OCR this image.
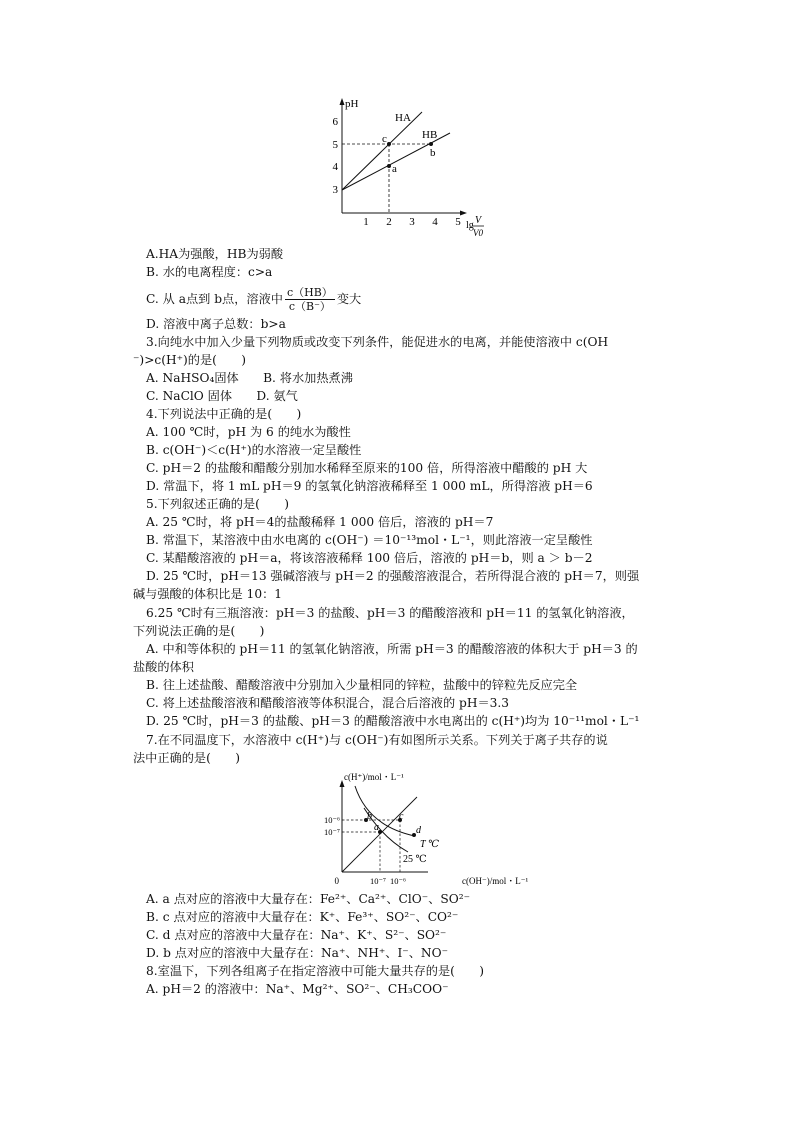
pH
3
4
5
6
1 2 3 4 5 lg V
V0
HA
HB
c
a
b
A.HA为强酸，HB为弱酸
B. 水的电离程度：c>a
C. 从 a点到 b点，溶液中 $\frac{c(HB)}{c(B^-)}$ 变大
D. 溶液中离子总数：b>a
3.向纯水中加入少量下列物质或改变下列条件，能促进水的电离，并能使溶液中 c(OH
⁻)>c(H⁺)的是(　　)
A. NaHSO₄固体　　B. 将水加热煮沸
C. NaClO 固体　　D. 氨气
4.下列说法中正确的是(　　)
A. 100 ℃时，pH 为 6 的纯水为酸性
B. c(OH⁻)＜c(H⁺)的水溶液一定呈酸性
C. pH＝2 的盐酸和醋酸分别加水稀释至原来的100 倍，所得溶液中醋酸的 pH 大
D. 常温下，将 1 mL pH＝9 的氢氧化钠溶液稀释至 1 000 mL，所得溶液 pH＝6
5.下列叙述正确的是(　　)
A. 25 ℃时，将 pH＝4的盐酸稀释 1 000 倍后，溶液的 pH＝7
B. 常温下，某溶液中由水电离的 c(OH⁻) ＝10⁻¹³mol・L⁻¹，则此溶液一定呈酸性
C. 某醋酸溶液的 pH＝a，将该溶液稀释 100 倍后，溶液的 pH＝b，则 a ＞ b－2
D. 25 ℃时，pH＝13 强碱溶液与 pH＝2 的强酸溶液混合，若所得混合液的 pH＝7，则强
碱与强酸的体积比是 10：1
6.25 ℃时有三瓶溶液：pH＝3 的盐酸、pH＝3 的醋酸溶液和 pH＝11 的氢氧化钠溶液，
下列说法正确的是(　　)
A. 中和等体积的 pH＝11 的氢氧化钠溶液，所需 pH＝3 的醋酸溶液的体积大于 pH＝3 的
盐酸的体积
B. 往上述盐酸、醋酸溶液中分别加入少量相同的锌粒，盐酸中的锌粒先反应完全
C. 将上述盐酸溶液和醋酸溶液等体积混合，混合后溶液的 pH＝3.3
D. 25 ℃时，pH＝3 的盐酸、pH＝3 的醋酸溶液中水电离出的 c(H⁺)均为 10⁻¹¹mol・L⁻¹
7.在不同温度下，水溶液中 c(H⁺)与 c(OH⁻)有如图所示关系。下列关于离子共存的说
法中正确的是(　　)
c(H⁺)/mol・L⁻¹
c(OH⁻)/mol・L⁻¹
0
10⁻⁶
10⁻⁷
10⁻⁷ 10⁻⁶
T ℃
25 ℃
a
b	c
d
A. a 点对应的溶液中大量存在：Fe²⁺、Ca²⁺、ClO⁻、SO²⁻
B. c 点对应的溶液中大量存在：K⁺、Fe³⁺、SO²⁻、CO²⁻
C. d 点对应的溶液中大量存在：Na⁺、K⁺、S²⁻、SO²⁻
D. b 点对应的溶液中大量存在：Na⁺、NH⁺、I⁻、NO⁻
8.室温下，下列各组离子在指定溶液中可能大量共存的是(　　)
A. pH＝2 的溶液中：Na⁺、Mg²⁺、SO²⁻、CH₃COO⁻
